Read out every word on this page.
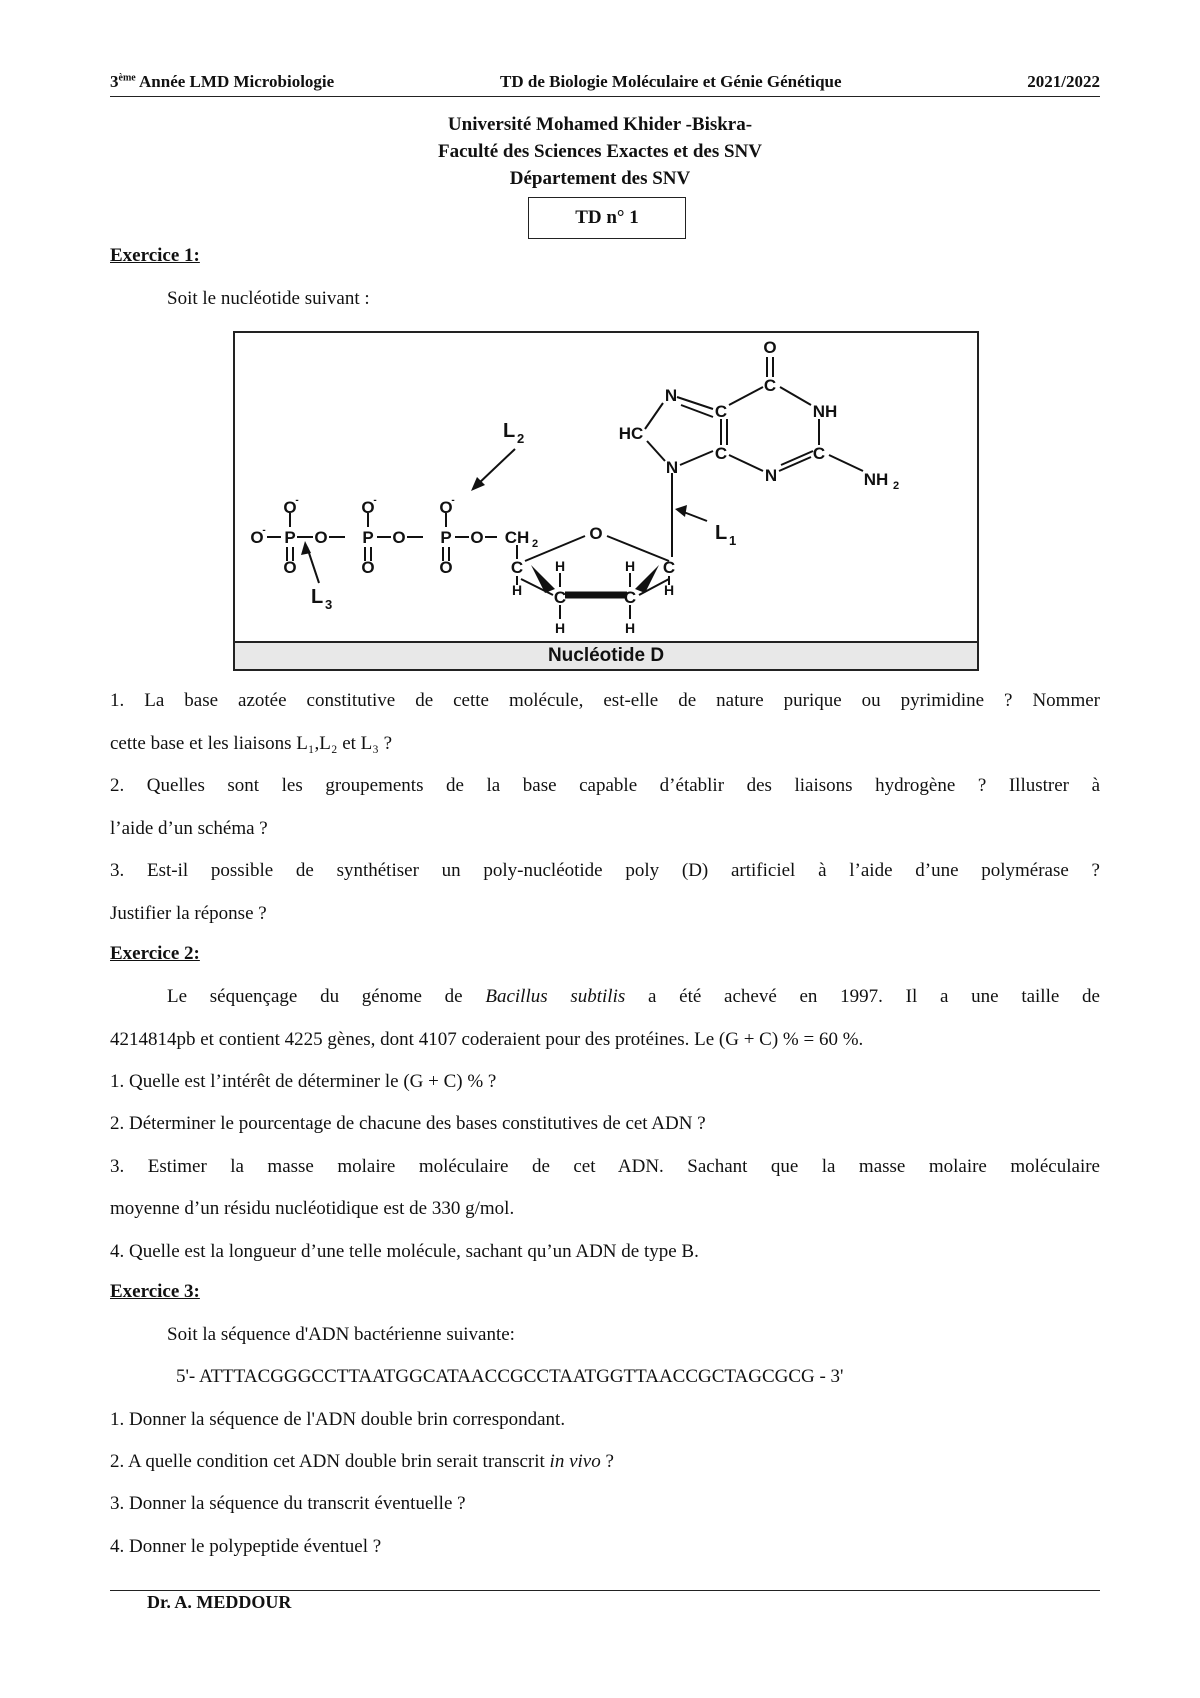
3ème Année LMD Microbiologie	TD de Biologie Moléculaire et Génie Génétique	2021/2022
Université Mohamed Khider -Biskra-
Faculté des Sciences Exactes et des SNV
Département des SNV
TD n° 1
Exercice 1:
Soit le nucléotide suivant :
O
- P O P O P O
O
-	O
-	O
-
O	O	O
CH 2
O
C	C
H	H
H	H
C	C
H	H
O
C
NH
N
C
HC
N
C
N
C
NH 2
L 2
L 1
L 3
Nucléotide D
1. La base azotée constitutive de cette molécule, est-elle de nature purique ou pyrimidine ? Nommer
cette base et les liaisons L₁,L₂ et L₃ ?
2. Quelles sont les groupements de la base capable d’établir des liaisons hydrogène ? Illustrer à
l’aide d’un schéma ?
3. Est-il possible de synthétiser un poly-nucléotide poly (D) artificiel à l’aide d’une polymérase ?
Justifier la réponse ?
Exercice 2:
Le séquençage du génome de Bacillus subtilis a été achevé en 1997. Il a une taille de
4214814pb et contient 4225 gènes, dont 4107 coderaient pour des protéines. Le (G + C) % = 60 %.
1. Quelle est l’intérêt de déterminer le (G + C) % ?
2. Déterminer le pourcentage de chacune des bases constitutives de cet ADN ?
3. Estimer la masse molaire moléculaire de cet ADN. Sachant que la masse molaire moléculaire
moyenne d’un résidu nucléotidique est de 330 g/mol.
4. Quelle est la longueur d’une telle molécule, sachant qu’un ADN de type B.
Exercice 3:
Soit la séquence d'ADN bactérienne suivante:
5'- ATTTACGGGCCTTAATGGCATAACCGCCTAATGGTTAACCGCTAGCGCG - 3'
1. Donner la séquence de l'ADN double brin correspondant.
2. A quelle condition cet ADN double brin serait transcrit in vivo ?
3. Donner la séquence du transcrit éventuelle ?
4. Donner le polypeptide éventuel ?
Dr. A. MEDDOUR
